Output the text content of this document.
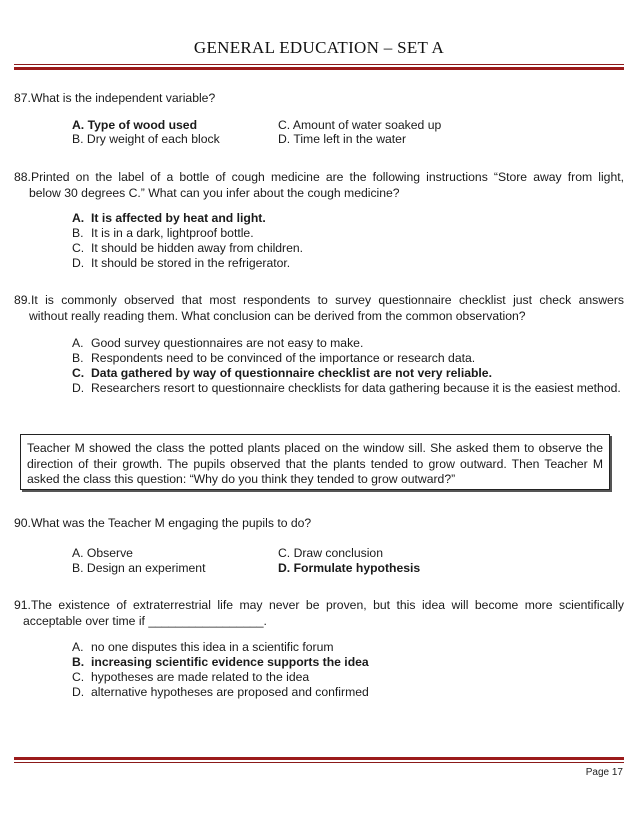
GENERAL EDUCATION – SET A
87.What is the independent variable?
A. Type of wood used
B. Dry weight of each block
C. Amount of water soaked up
D. Time left in the water
88.Printed on the label of a bottle of cough medicine are the following instructions “Store away from light,
below 30 degrees C.” What can you infer about the cough medicine?
A. It is affected by heat and light.
B. It is in a dark, lightproof bottle.
C. It should be hidden away from children.
D. It should be stored in the refrigerator.
89.It is commonly observed that most respondents to survey questionnaire checklist just check answers
without really reading them. What conclusion can be derived from the common observation?
A. Good survey questionnaires are not easy to make.
B. Respondents need to be convinced of the importance or research data.
C. Data gathered by way of questionnaire checklist are not very reliable.
D. Researchers resort to questionnaire checklists for data gathering because it is the easiest method.
Teacher M showed the class the potted plants placed on the window sill. She asked them to observe the direction of their growth. The pupils observed that the plants tended to grow outward. Then Teacher M asked the class this question: “Why do you think they tended to grow outward?”
90.What was the Teacher M engaging the pupils to do?
A. Observe
B. Design an experiment
C. Draw conclusion
D. Formulate hypothesis
91.The existence of extraterrestrial life may never be proven, but this idea will become more scientifically
acceptable over time if _________________.
A. no one disputes this idea in a scientific forum
B. increasing scientific evidence supports the idea
C. hypotheses are made related to the idea
D. alternative hypotheses are proposed and confirmed
Page 17
